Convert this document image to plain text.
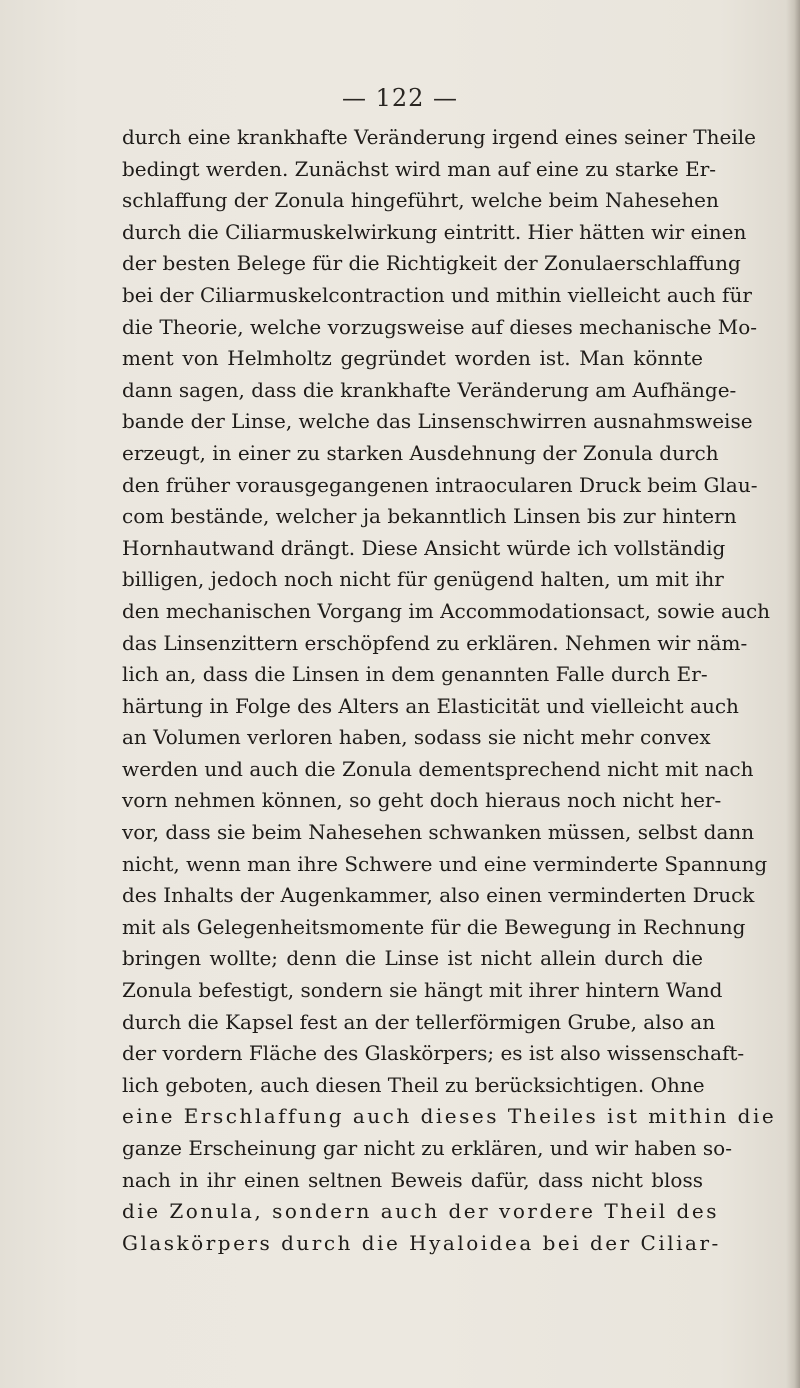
— 122 —
durch eine krankhafte Veränderung irgend eines seiner Theile
bedingt werden. Zunächst wird man auf eine zu starke Er-
schlaffung der Zonula hingeführt, welche beim Nahesehen
durch die Ciliarmuskelwirkung eintritt. Hier hätten wir einen
der besten Belege für die Richtigkeit der Zonulaerschlaffung
bei der Ciliarmuskelcontraction und mithin vielleicht auch für
die Theorie, welche vorzugsweise auf dieses mechanische Mo-
ment von Helmholtz gegründet worden ist. Man könnte
dann sagen, dass die krankhafte Veränderung am Aufhänge-
bande der Linse, welche das Linsenschwirren ausnahmsweise
erzeugt, in einer zu starken Ausdehnung der Zonula durch
den früher vorausgegangenen intraocularen Druck beim Glau-
com bestände, welcher ja bekanntlich Linsen bis zur hintern
Hornhautwand drängt. Diese Ansicht würde ich vollständig
billigen, jedoch noch nicht für genügend halten, um mit ihr
den mechanischen Vorgang im Accommodationsact, sowie auch
das Linsenzittern erschöpfend zu erklären. Nehmen wir näm-
lich an, dass die Linsen in dem genannten Falle durch Er-
härtung in Folge des Alters an Elasticität und vielleicht auch
an Volumen verloren haben, sodass sie nicht mehr convex
werden und auch die Zonula dementsprechend nicht mit nach
vorn nehmen können, so geht doch hieraus noch nicht her-
vor, dass sie beim Nahesehen schwanken müssen, selbst dann
nicht, wenn man ihre Schwere und eine verminderte Spannung
des Inhalts der Augenkammer, also einen verminderten Druck
mit als Gelegenheitsmomente für die Bewegung in Rechnung
bringen wollte; denn die Linse ist nicht allein durch die
Zonula befestigt, sondern sie hängt mit ihrer hintern Wand
durch die Kapsel fest an der tellerförmigen Grube, also an
der vordern Fläche des Glaskörpers; es ist also wissenschaft-
lich geboten, auch diesen Theil zu berücksichtigen. Ohne
eine Erschlaffung auch dieses Theiles ist mithin die
ganze Erscheinung gar nicht zu erklären, und wir haben so-
nach in ihr einen seltnen Beweis dafür, dass nicht bloss
die Zonula, sondern auch der vordere Theil des
Glaskörpers durch die Hyaloidea bei der Ciliar-
